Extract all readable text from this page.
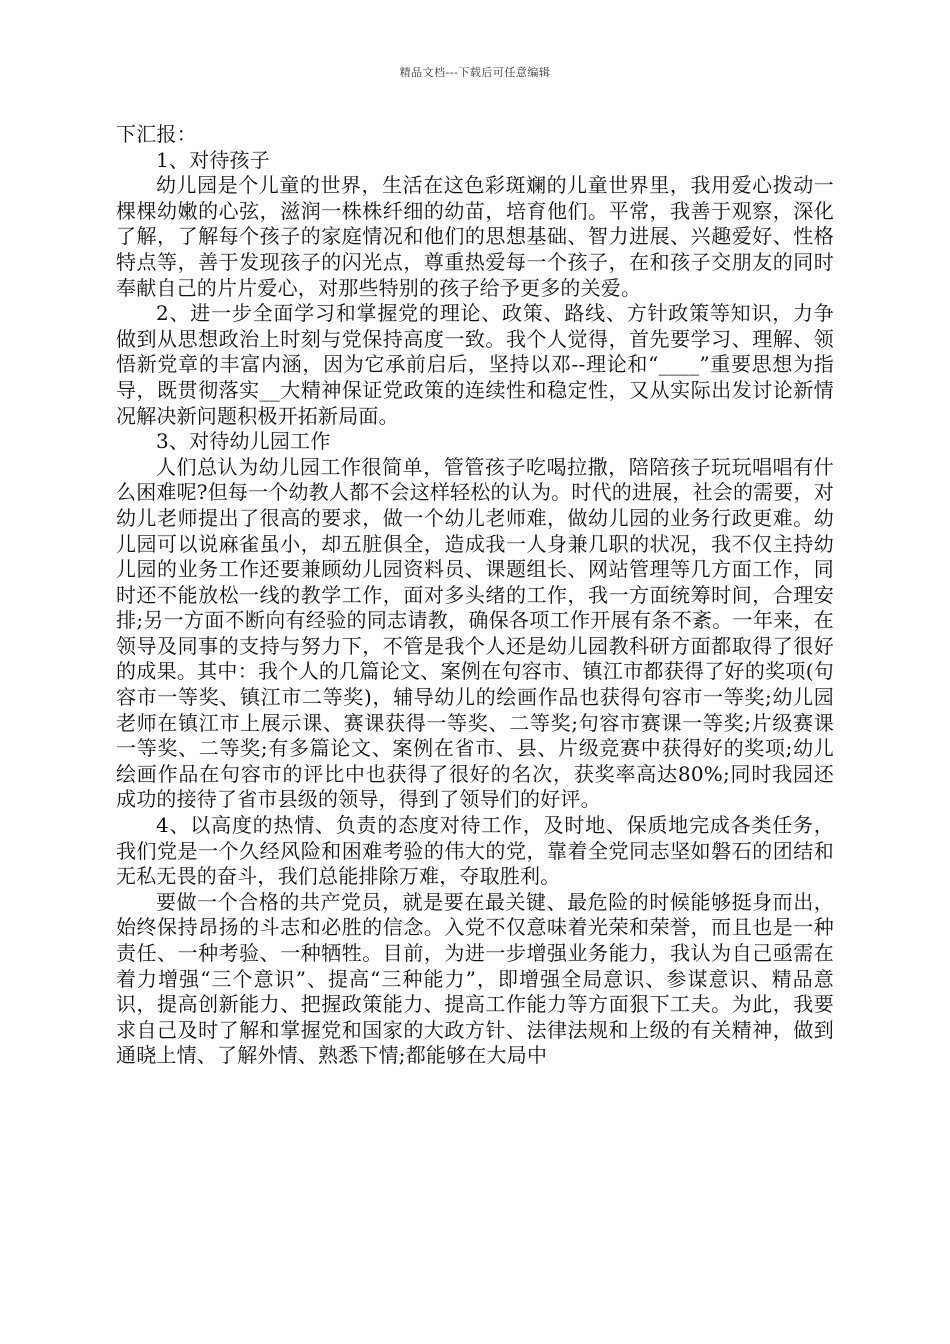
精品文档---下载后可任意编辑

下汇报：

1、对待孩子

幼儿园是个儿童的世界，生活在这色彩斑斓的儿童世界里，我用爱心拨动一棵棵幼嫩的心弦，滋润一株株纤细的幼苗，培育他们。平常，我善于观察，深化了解，了解每个孩子的家庭情况和他们的思想基础、智力进展、兴趣爱好、性格特点等，善于发现孩子的闪光点，尊重热爱每一个孩子，在和孩子交朋友的同时奉献自己的片片爱心，对那些特别的孩子给予更多的关爱。

2、进一步全面学习和掌握党的理论、政策、路线、方针政策等知识，力争做到从思想政治上时刻与党保持高度一致。我个人觉得，首先要学习、理解、领悟新党章的丰富内涵，因为它承前启后，坚持以邓--理论和“____”重要思想为指导，既贯彻落实__大精神保证党政策的连续性和稳定性，又从实际出发讨论新情况解决新问题积极开拓新局面。

3、对待幼儿园工作

人们总认为幼儿园工作很简单，管管孩子吃喝拉撒，陪陪孩子玩玩唱唱有什么困难呢?但每一个幼教人都不会这样轻松的认为。时代的进展，社会的需要，对幼儿老师提出了很高的要求，做一个幼儿老师难，做幼儿园的业务行政更难。幼儿园可以说麻雀虽小，却五脏俱全，造成我一人身兼几职的状况，我不仅主持幼儿园的业务工作还要兼顾幼儿园资料员、课题组长、网站管理等几方面工作，同时还不能放松一线的教学工作，面对多头绪的工作，我一方面统筹时间，合理安排;另一方面不断向有经验的同志请教，确保各项工作开展有条不紊。一年来，在领导及同事的支持与努力下，不管是我个人还是幼儿园教科研方面都取得了很好的成果。其中：我个人的几篇论文、案例在句容市、镇江市都获得了好的奖项(句容市一等奖、镇江市二等奖)，辅导幼儿的绘画作品也获得句容市一等奖;幼儿园老师在镇江市上展示课、赛课获得一等奖、二等奖;句容市赛课一等奖;片级赛课一等奖、二等奖;有多篇论文、案例在省市、县、片级竞赛中获得好的奖项;幼儿绘画作品在句容市的评比中也获得了很好的名次，获奖率高达80%;同时我园还成功的接待了省市县级的领导，得到了领导们的好评。

4、以高度的热情、负责的态度对待工作，及时地、保质地完成各类任务，我们党是一个久经风险和困难考验的伟大的党，靠着全党同志坚如磐石的团结和无私无畏的奋斗，我们总能排除万难，夺取胜利。

要做一个合格的共产党员，就是要在最关键、最危险的时候能够挺身而出，始终保持昂扬的斗志和必胜的信念。入党不仅意味着光荣和荣誉，而且也是一种责任、一种考验、一种牺牲。目前，为进一步增强业务能力，我认为自己亟需在着力增强“三个意识”、提高“三种能力”，即增强全局意识、参谋意识、精品意识，提高创新能力、把握政策能力、提高工作能力等方面狠下工夫。为此，我要求自己及时了解和掌握党和国家的大政方针、法律法规和上级的有关精神，做到通晓上情、了解外情、熟悉下情;都能够在大局中
